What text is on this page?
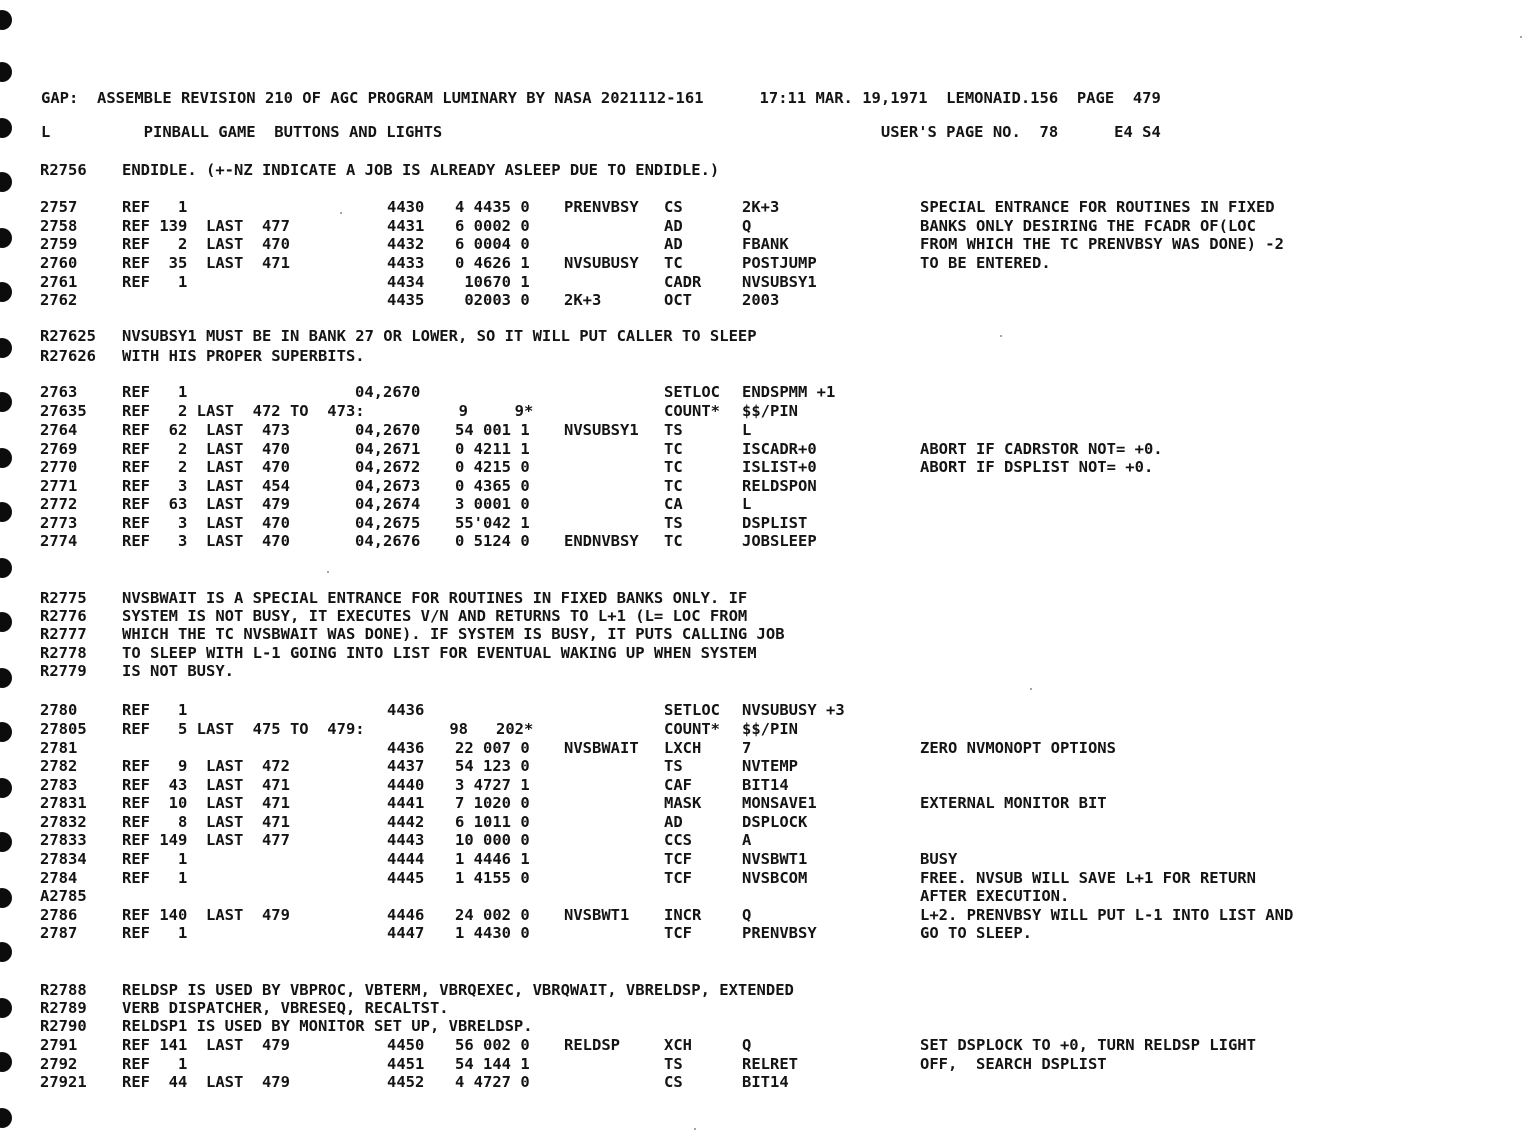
GAP:  ASSEMBLE REVISION 210 OF AGC PROGRAM LUMINARY BY NASA 2021112-161      17:11 MAR. 19,1971  LEMONAID.156  PAGE  479
L          PINBALL GAME  BUTTONS AND LIGHTS                                               USER'S PAGE NO.  78      E4 S4
R2756 ENDIDLE. (+-NZ INDICATE A JOB IS ALREADY ASLEEP DUE TO ENDIDLE.)
2757	REF   1	4430 4 4435 0 PRENVBSY CS	2K+3	SPECIAL ENTRANCE FOR ROUTINES IN FIXED
2758	REF 139  LAST  477	4431 6 0002 0	AD	Q	BANKS ONLY DESIRING THE FCADR OF(LOC
2759	REF   2  LAST  470	4432 6 0004 0	AD	FBANK	FROM WHICH THE TC PRENVBSY WAS DONE) -2
2760	REF  35  LAST  471	4433 0 4626 1 NVSUBUSY TC	POSTJUMP	TO BE ENTERED.
2761	REF   1	4434 10670 1	CADR	NVSUBSY1
2762	4435 02003 0 2K+3	OCT	2003
R27625 NVSUBSY1 MUST BE IN BANK 27 OR LOWER, SO IT WILL PUT CALLER TO SLEEP
R27626 WITH HIS PROPER SUPERBITS.
2763	REF   1	04,2670	SETLOC ENDSPMM +1
27635 REF   2 LAST  472 TO  473:	9     9*	COUNT* $$/PIN
2764	REF  62  LAST  473	04,2670 54 001 1 NVSUBSY1 TS	L
2769	REF   2  LAST  470	04,2671 0 4211 1	TC	ISCADR+0	ABORT IF CADRSTOR NOT= +0.
2770	REF   2  LAST  470	04,2672 0 4215 0	TC	ISLIST+0	ABORT IF DSPLIST NOT= +0.
2771	REF   3  LAST  454	04,2673 0 4365 0	TC	RELDSPON
2772	REF  63  LAST  479	04,2674 3 0001 0	CA	L
2773	REF   3  LAST  470	04,2675 55'042 1	TS	DSPLIST
2774	REF   3  LAST  470	04,2676 0 5124 0 ENDNVBSY TC	JOBSLEEP
R2775 NVSBWAIT IS A SPECIAL ENTRANCE FOR ROUTINES IN FIXED BANKS ONLY. IF
R2776 SYSTEM IS NOT BUSY, IT EXECUTES V/N AND RETURNS TO L+1 (L= LOC FROM
R2777 WHICH THE TC NVSBWAIT WAS DONE). IF SYSTEM IS BUSY, IT PUTS CALLING JOB
R2778 TO SLEEP WITH L-1 GOING INTO LIST FOR EVENTUAL WAKING UP WHEN SYSTEM
R2779 IS NOT BUSY.
2780	REF   1	4436	SETLOC NVSUBUSY +3
27805 REF   5 LAST  475 TO  479:	98   202*	COUNT* $$/PIN
2781	4436 22 007 0 NVSBWAIT LXCH	7	ZERO NVMONOPT OPTIONS
2782	REF   9  LAST  472	4437 54 123 0	TS	NVTEMP
2783	REF  43  LAST  471	4440 3 4727 1	CAF	BIT14
27831 REF  10  LAST  471	4441 7 1020 0	MASK	MONSAVE1	EXTERNAL MONITOR BIT
27832 REF   8  LAST  471	4442 6 1011 0	AD	DSPLOCK
27833 REF 149  LAST  477	4443 10 000 0	CCS	A
27834 REF   1	4444 1 4446 1	TCF	NVSBWT1	BUSY
2784	REF   1	4445 1 4155 0	TCF	NVSBCOM	FREE. NVSUB WILL SAVE L+1 FOR RETURN
A2785	AFTER EXECUTION.
2786	REF 140  LAST  479	4446 24 002 0 NVSBWT1 INCR	Q	L+2. PRENVBSY WILL PUT L-1 INTO LIST AND
2787	REF   1	4447 1 4430 0	TCF	PRENVBSY	GO TO SLEEP.
R2788 RELDSP IS USED BY VBPROC, VBTERM, VBRQEXEC, VBRQWAIT, VBRELDSP, EXTENDED
R2789 VERB DISPATCHER, VBRESEQ, RECALTST.
R2790 RELDSP1 IS USED BY MONITOR SET UP, VBRELDSP.
2791	REF 141  LAST  479	4450 56 002 0 RELDSP	XCH	Q	SET DSPLOCK TO +0, TURN RELDSP LIGHT
2792	REF   1	4451 54 144 1	TS	RELRET	OFF,  SEARCH DSPLIST
27921 REF  44  LAST  479	4452 4 4727 0	CS	BIT14
